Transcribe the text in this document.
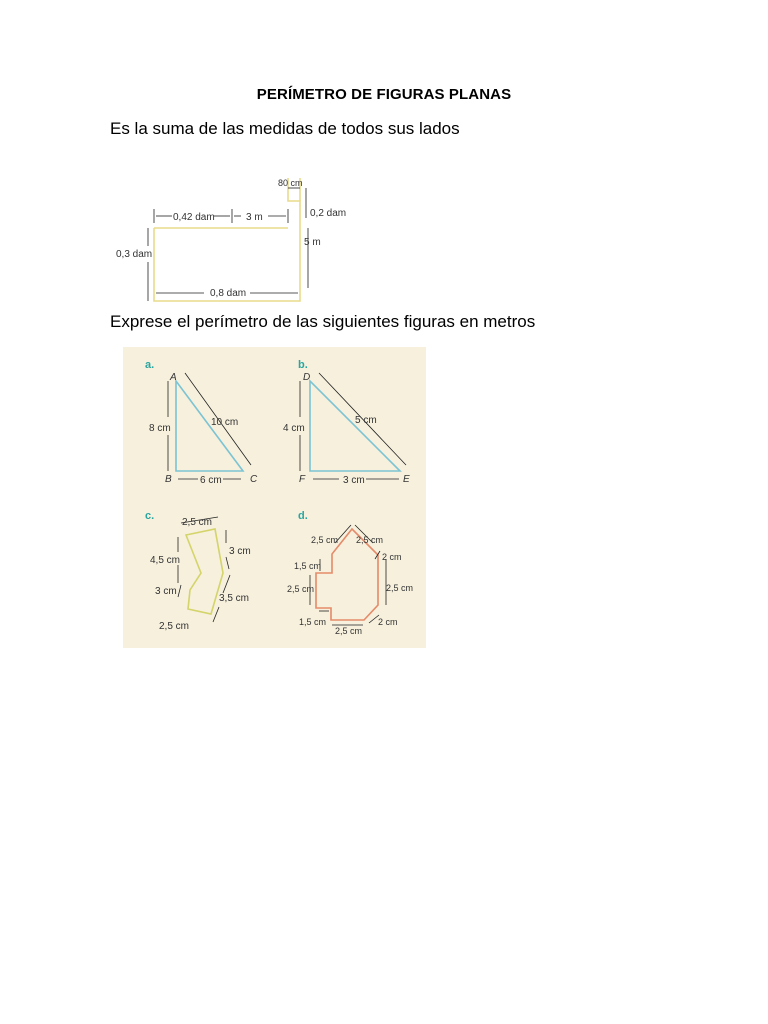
PERÍMETRO DE FIGURAS PLANAS
Es la suma de las medidas de todos sus lados
0,42 dam	3 m
80 cm
0,2 dam
5 m
0,3 dam
0,8 dam
Exprese el perímetro de las siguientes figuras en metros
a.
A
B	C
8 cm
6 cm
10 cm
b.
D
F	E
4 cm
3 cm
5 cm
c.
2,5 cm
4,5 cm
3 cm
3 cm
3,5 cm
2,5 cm
d.
2,5 cm 2,5 cm
2 cm
1,5 cm
2,5 cm	2,5 cm
1,5 cm
2,5 cm
2 cm
